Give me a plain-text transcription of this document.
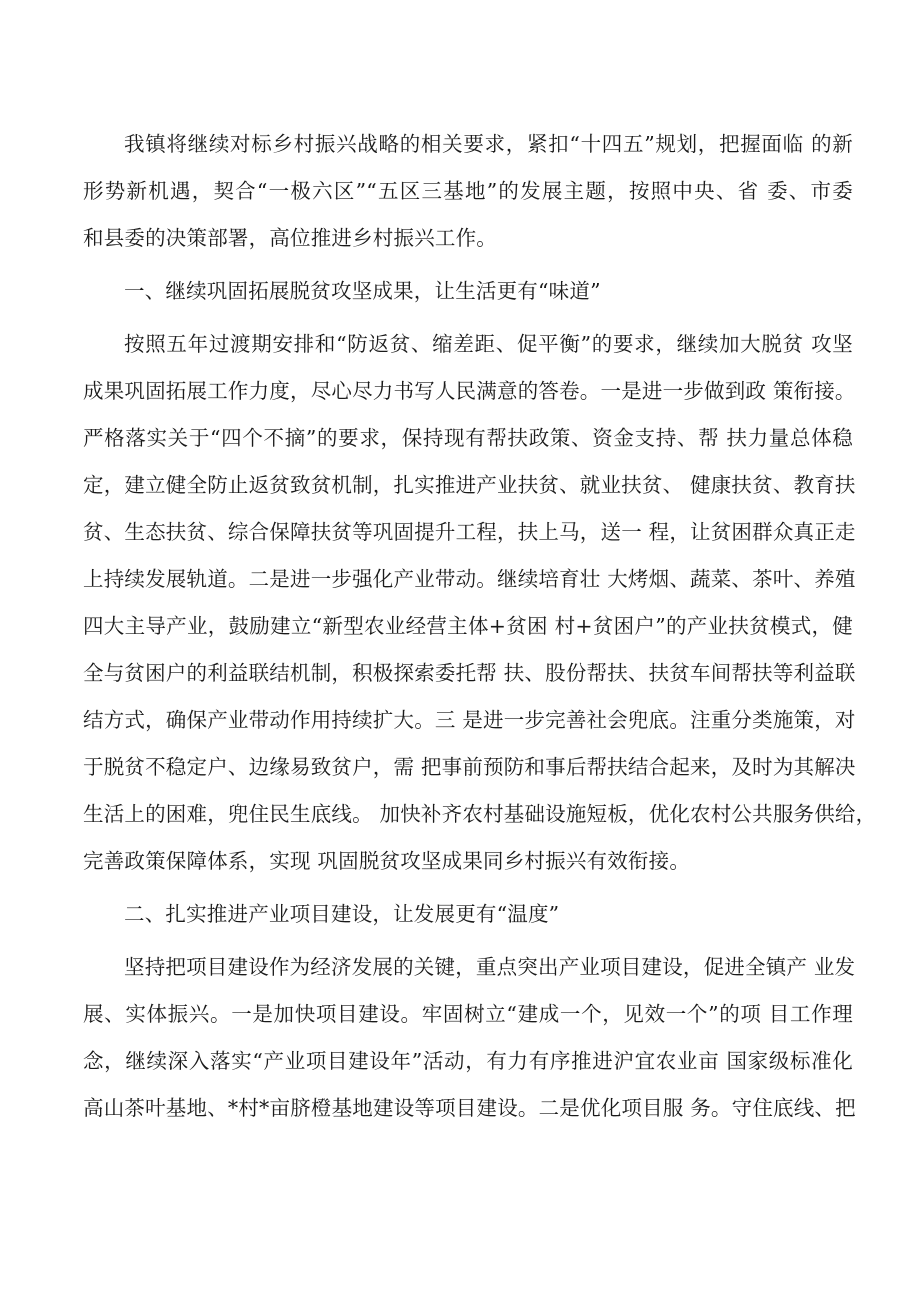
我镇将继续对标乡村振兴战略的相关要求，紧扣“十四五”规划，把握面临 的新
形势新机遇，契合“一极六区”“五区三基地”的发展主题，按照中央、省 委、市委
和县委的决策部署，高位推进乡村振兴工作。
一、继续巩固拓展脱贫攻坚成果，让生活更有“味道”
按照五年过渡期安排和“防返贫、缩差距、促平衡”的要求，继续加大脱贫 攻坚
成果巩固拓展工作力度，尽心尽力书写人民满意的答卷。一是进一步做到政 策衔接。
严格落实关于“四个不摘”的要求，保持现有帮扶政策、资金支持、帮 扶力量总体稳
定，建立健全防止返贫致贫机制，扎实推进产业扶贫、就业扶贫、 健康扶贫、教育扶
贫、生态扶贫、综合保障扶贫等巩固提升工程，扶上马，送一 程，让贫困群众真正走
上持续发展轨道。二是进一步强化产业带动。继续培育壮 大烤烟、蔬菜、茶叶、养殖
四大主导产业，鼓励建立“新型农业经营主体+贫困 村+贫困户”的产业扶贫模式，健
全与贫困户的利益联结机制，积极探索委托帮 扶、股份帮扶、扶贫车间帮扶等利益联
结方式，确保产业带动作用持续扩大。三 是进一步完善社会兜底。注重分类施策，对
于脱贫不稳定户、边缘易致贫户，需 把事前预防和事后帮扶结合起来，及时为其解决
生活上的困难，兜住民生底线。 加快补齐农村基础设施短板，优化农村公共服务供给，
完善政策保障体系，实现 巩固脱贫攻坚成果同乡村振兴有效衔接。
二、扎实推进产业项目建设，让发展更有“温度”
坚持把项目建设作为经济发展的关键，重点突出产业项目建设，促进全镇产 业发
展、实体振兴。一是加快项目建设。牢固树立“建成一个，见效一个”的项 目工作理
念，继续深入落实“产业项目建设年”活动，有力有序推进沪宜农业亩 国家级标准化
高山茶叶基地、*村*亩脐橙基地建设等项目建设。二是优化项目服 务。守住底线、把
